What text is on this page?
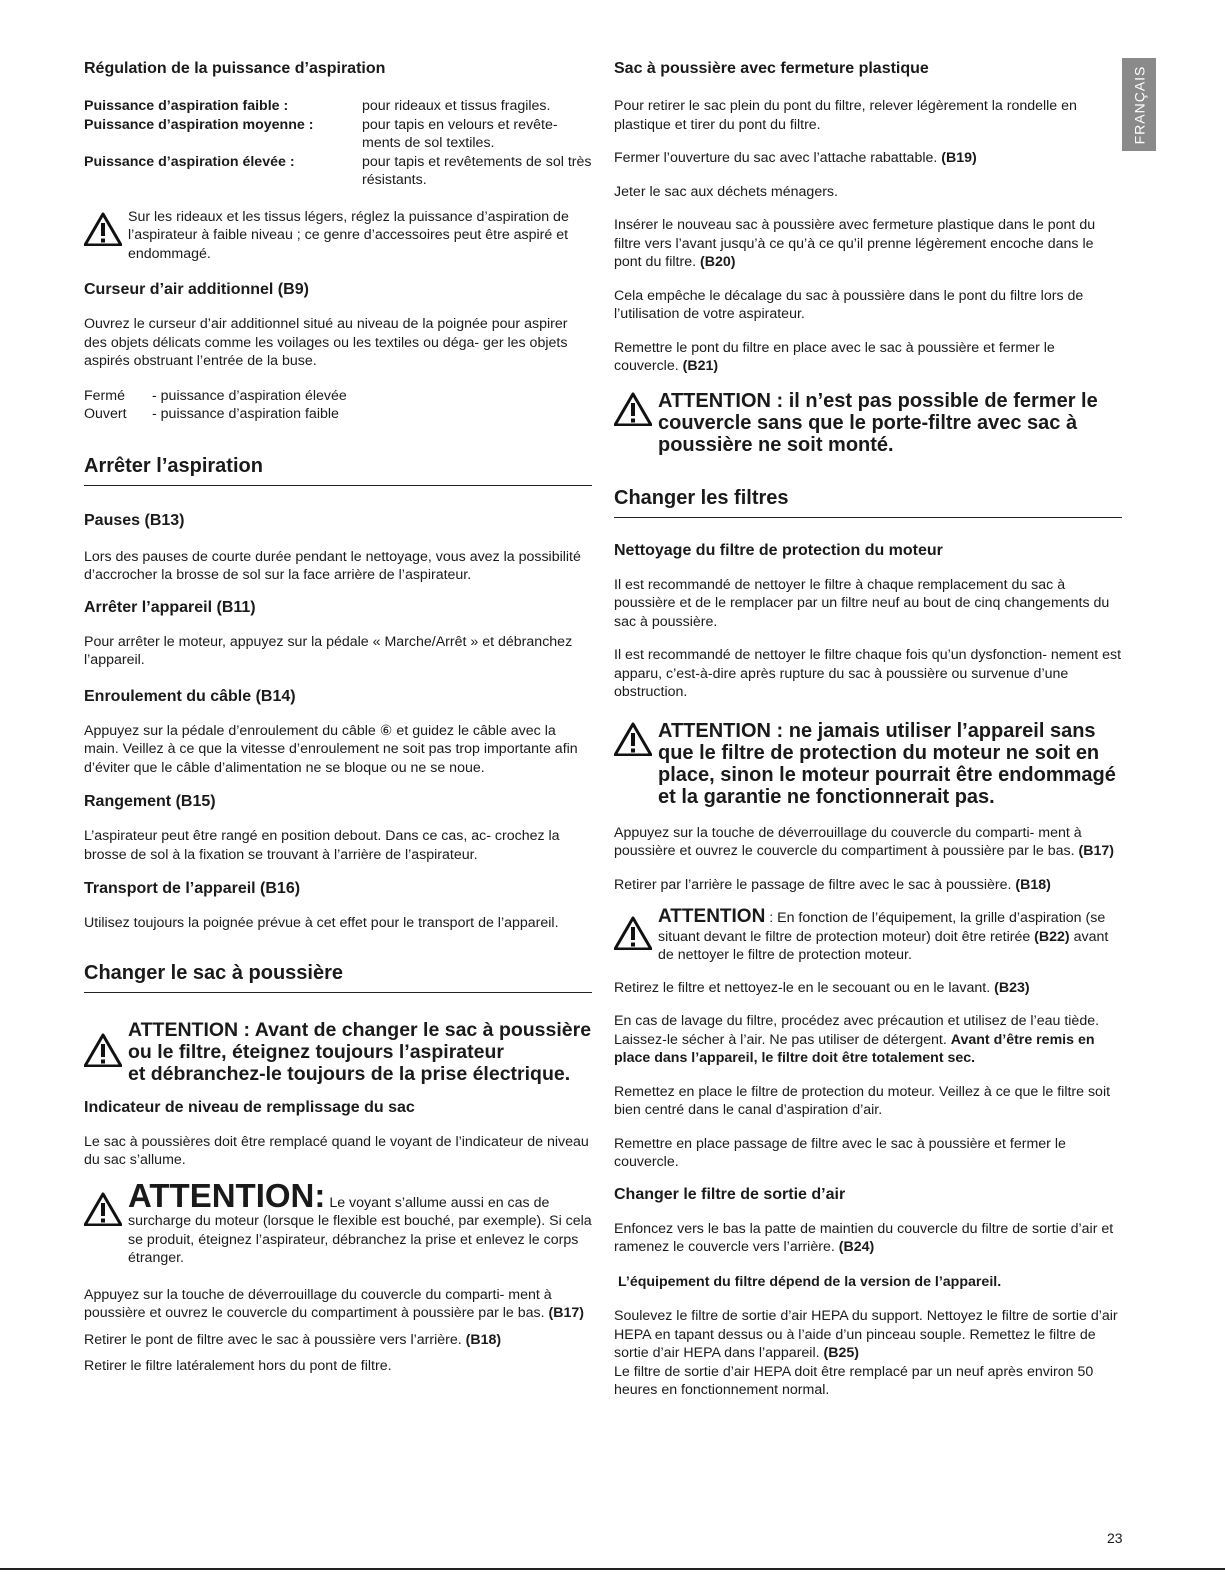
FRANÇAIS

Régulation de la puissance d’aspiration

Puissance d’aspiration faible :	pour rideaux et tissus fragiles.
Puissance d’aspiration moyenne :	pour tapis en velours et revête- ments de sol textiles.
Puissance d’aspiration élevée :	pour tapis et revêtements de sol très résistants.

Sur les rideaux et les tissus légers, réglez la puissance d’aspiration de l’aspirateur à faible niveau ; ce genre d’accessoires peut être aspiré et endommagé.

Curseur d’air additionnel (B9)

Ouvrez le curseur d’air additionnel situé au niveau de la poignée pour aspirer des objets délicats comme les voilages ou les textiles ou déga- ger les objets aspirés obstruant l’entrée de la buse.

Fermé	- puissance d’aspiration élevée
Ouvert	- puissance d’aspiration faible

Arrêter l’aspiration

Pauses (B13)

Lors des pauses de courte durée pendant le nettoyage, vous avez la possibilité d’accrocher la brosse de sol sur la face arrière de l’aspirateur.

Arrêter l’appareil (B11)

Pour arrêter le moteur, appuyez sur la pédale « Marche/Arrêt » et débranchez l’appareil.

Enroulement du câble (B14)

Appuyez sur la pédale d’enroulement du câble ⑥ et guidez le câble avec la main. Veillez à ce que la vitesse d’enroulement ne soit pas trop importante afin d’éviter que le câble d’alimentation ne se bloque ou ne se noue.

Rangement (B15)

L’aspirateur peut être rangé en position debout. Dans ce cas, ac- crochez la brosse de sol à la fixation se trouvant à l’arrière de l’aspirateur.

Transport de l’appareil (B16)

Utilisez toujours la poignée prévue à cet effet pour le transport de l’appareil.

Changer le sac à poussière

ATTENTION : Avant de changer le sac à poussière
ou le filtre, éteignez toujours l’aspirateur
et débranchez-le toujours de la prise électrique.

Indicateur de niveau de remplissage du sac

Le sac à poussières doit être remplacé quand le voyant de l’indicateur de niveau du sac s’allume.

ATTENTION: Le voyant s’allume aussi en cas de surcharge du moteur (lorsque le flexible est bouché, par exemple). Si cela se produit, éteignez l’aspirateur, débranchez la prise et enlevez le corps étranger.

Appuyez sur la touche de déverrouillage du couvercle du comparti- ment à poussière et ouvrez le couvercle du compartiment à poussière par le bas. (B17)

Retirer le pont de filtre avec le sac à poussière vers l’arrière. (B18)

Retirer le filtre latéralement hors du pont de filtre.

Sac à poussière avec fermeture plastique

Pour retirer le sac plein du pont du filtre, relever légèrement la rondelle en plastique et tirer du pont du filtre.

Fermer l’ouverture du sac avec l’attache rabattable. (B19)

Jeter le sac aux déchets ménagers.

Insérer le nouveau sac à poussière avec fermeture plastique dans le pont du filtre vers l’avant jusqu’à ce qu’à ce qu’il prenne légèrement encoche dans le pont du filtre. (B20)

Cela empêche le décalage du sac à poussière dans le pont du filtre lors de l’utilisation de votre aspirateur.

Remettre le pont du filtre en place avec le sac à poussière et fermer le couvercle. (B21)

ATTENTION : il n’est pas possible de fermer le couvercle sans que le porte-filtre avec sac à poussière ne soit monté.

Changer les filtres

Nettoyage du filtre de protection du moteur

Il est recommandé de nettoyer le filtre à chaque remplacement du sac à poussière et de le remplacer par un filtre neuf au bout de cinq changements du sac à poussière.

Il est recommandé de nettoyer le filtre chaque fois qu’un dysfonction- nement est apparu, c’est-à-dire après rupture du sac à poussière ou survenue d’une obstruction.

ATTENTION : ne jamais utiliser l’appareil sans que le filtre de protection du moteur ne soit en place, sinon le moteur pourrait être endommagé et la garantie ne fonctionnerait pas.

Appuyez sur la touche de déverrouillage du couvercle du comparti- ment à poussière et ouvrez le couvercle du compartiment à poussière par le bas. (B17)

Retirer par l’arrière le passage de filtre avec le sac à poussière. (B18)

ATTENTION : En fonction de l’équipement, la grille d’aspiration (se situant devant le filtre de protection moteur) doit être retirée (B22) avant de nettoyer le filtre de protection moteur.

Retirez le filtre et nettoyez-le en le secouant ou en le lavant. (B23)

En cas de lavage du filtre, procédez avec précaution et utilisez de l’eau tiède. Laissez-le sécher à l’air. Ne pas utiliser de détergent. Avant d’être remis en place dans l’appareil, le filtre doit être totalement sec.

Remettez en place le filtre de protection du moteur. Veillez à ce que le filtre soit bien centré dans le canal d’aspiration d’air.

Remettre en place passage de filtre avec le sac à poussière et fermer le couvercle.

Changer le filtre de sortie d’air

Enfoncez vers le bas la patte de maintien du couvercle du filtre de sortie d’air et ramenez le couvercle vers l’arrière. (B24)

L’équipement du filtre dépend de la version de l’appareil.

Soulevez le filtre de sortie d’air HEPA du support. Nettoyez le filtre de sortie d’air HEPA en tapant dessus ou à l’aide d’un pinceau souple. Remettez le filtre de sortie d’air HEPA dans l’appareil. (B25)

Le filtre de sortie d’air HEPA doit être remplacé par un neuf après environ 50 heures en fonctionnement normal.

23
